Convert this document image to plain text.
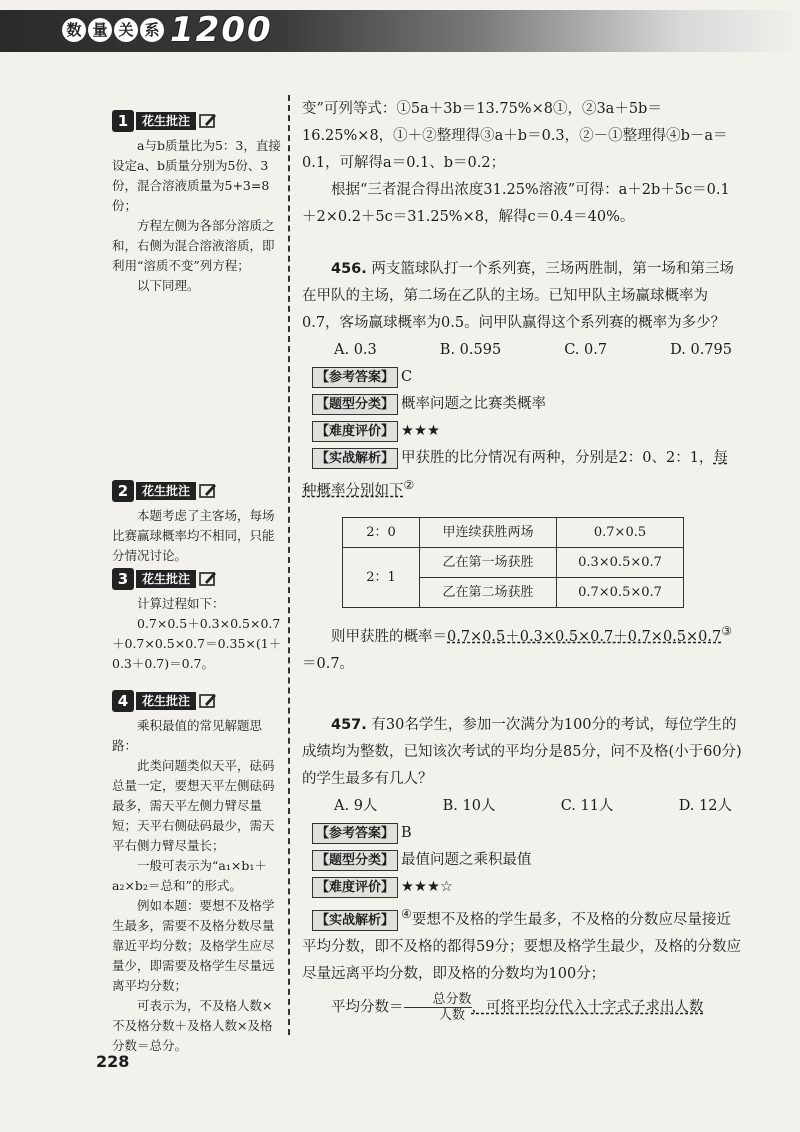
数 量 关 系 1200
1	花生批注

a与b质量比为5：3，直接设定a、b质量分别为5份、3份，混合溶液质量为5+3=8份；

方程左侧为各部分溶质之和，右侧为混合溶液溶质，即利用“溶质不变”列方程；

以下同理。

2	花生批注

本题考虑了主客场，每场比赛赢球概率均不相同，只能分情况讨论。

3	花生批注

计算过程如下：

0.7×0.5＋0.3×0.5×0.7＋0.7×0.5×0.7＝0.35×(1＋0.3＋0.7)＝0.7。

4	花生批注

乘积最值的常见解题思路：

此类问题类似天平，砝码总量一定，要想天平左侧砝码最多，需天平左侧力臂尽量短；天平右侧砝码最少，需天平右侧力臂尽量长；

一般可表示为“a₁×b₁＋a₂×b₂＝总和”的形式。

例如本题：要想不及格学生最多，需要不及格分数尽量靠近平均分数；及格学生应尽量少，即需要及格学生尽量远离平均分数；

可表示为，不及格人数×不及格分数＋及格人数×及格分数＝总分。

变”可列等式：①5a＋3b＝13.75%×8①，②3a＋5b＝16.25%×8，①＋②整理得③a＋b＝0.3，②－①整理得④b－a＝0.1，可解得a＝0.1、b＝0.2；

根据“三者混合得出浓度31.25%溶液”可得：a＋2b＋5c＝0.1＋2×0.2＋5c＝31.25%×8，解得c＝0.4＝40%。

456. 两支篮球队打一个系列赛，三场两胜制，第一场和第三场在甲队的主场，第二场在乙队的主场。已知甲队主场赢球概率为0.7，客场赢球概率为0.5。问甲队赢得这个系列赛的概率为多少？

A. 0.3	B. 0.595	C. 0.7	D. 0.795

【参考答案】 C

【题型分类】 概率问题之比赛类概率

【难度评价】 ★★★

【实战解析】 甲获胜的比分情况有两种，分别是2：0、2：1，每种概率分别如下②

2：0	甲连续获胜两场	0.7×0.5
2：1	乙在第一场获胜	0.3×0.5×0.7
	乙在第二场获胜	0.7×0.5×0.7

则甲获胜的概率＝0.7×0.5＋0.3×0.5×0.7＋0.7×0.5×0.7③＝0.7。

457. 有30名学生，参加一次满分为100分的考试，每位学生的成绩均为整数，已知该次考试的平均分是85分，问不及格(小于60分)的学生最多有几人？

A. 9人	B. 10人	C. 11人	D. 12人

【参考答案】 B

【题型分类】 最值问题之乘积最值

【难度评价】 ★★★☆

【实战解析】 ④要想不及格的学生最多，不及格的分数应尽量接近平均分数，即不及格的都得59分；要想及格学生最少，及格的分数应尽量远离平均分数，即及格的分数均为100分；

平均分数＝ $\frac{\text{总分数}}{\text{人数}}$ ，可将平均分代入十字式子求出人数

228
